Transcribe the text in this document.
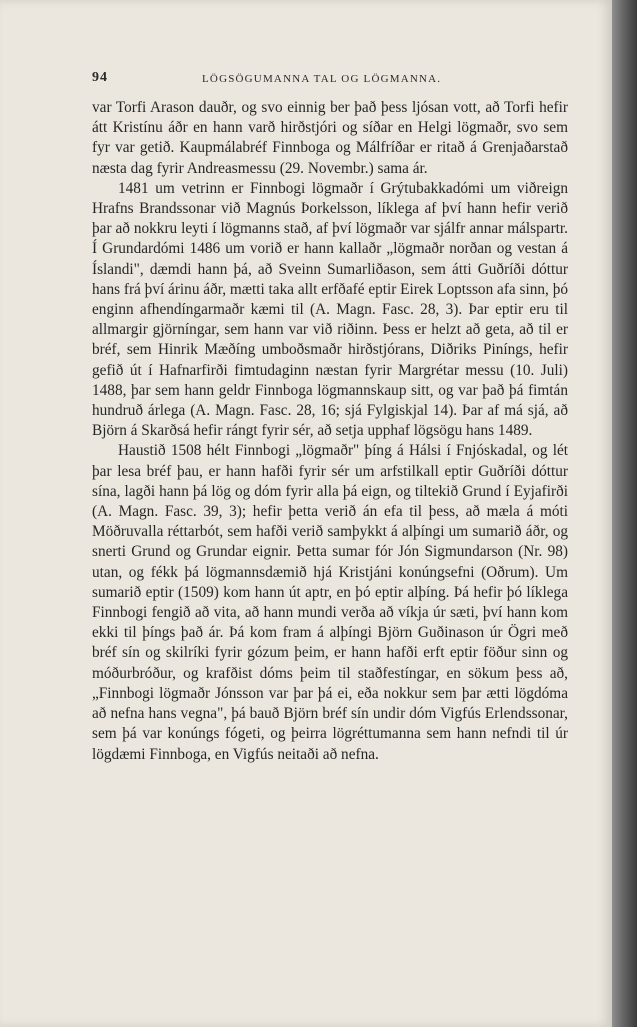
94	LÖGSÖGUMANNA TAL OG LÖGMANNA.

var Torfi Arason dauðr, og svo einnig ber það þess ljósan vott, að Torfi hefir átt Kristínu áðr en hann varð hirðstjóri og síðar en Helgi lögmaðr, svo sem fyr var getið. Kaupmálabréf Finnboga og Málfríðar er ritað á Grenjaðarstað næsta dag fyrir Andreasmessu (29. Novembr.) sama ár.

1481 um vetrinn er Finnbogi lögmaðr í Grýtubakkadómi um viðreign Hrafns Brandssonar við Magnús Þorkelsson, líklega af því hann hefir verið þar að nokkru leyti í lögmanns stað, af því lögmaðr var sjálfr annar málspartr. Í Grundardómi 1486 um vorið er hann kallaðr „lögmaðr norðan og vestan á Íslandi", dæmdi hann þá, að Sveinn Sumarliðason, sem átti Guðríði dóttur hans frá því árinu áðr, mætti taka allt erfðafé eptir Eirek Loptsson afa sinn, þó enginn afhendíngarmaðr kæmi til (A. Magn. Fasc. 28, 3). Þar eptir eru til allmargir gjörníngar, sem hann var við riðinn. Þess er helzt að geta, að til er bréf, sem Hinrik Mæðíng umboðsmaðr hirðstjórans, Diðriks Piníngs, hefir gefið út í Hafnarfirði fimtudaginn næstan fyrir Margrétar messu (10. Juli) 1488, þar sem hann geldr Finnboga lögmannskaup sitt, og var það þá fimtán hundruð árlega (A. Magn. Fasc. 28, 16; sjá Fylgiskjal 14). Þar af má sjá, að Björn á Skarðsá hefir rángt fyrir sér, að setja upphaf lögsögu hans 1489.

Haustið 1508 hélt Finnbogi „lögmaðr" þíng á Hálsi í Fnjóskadal, og lét þar lesa bréf þau, er hann hafði fyrir sér um arfstilkall eptir Guðríði dóttur sína, lagði hann þá lög og dóm fyrir alla þá eign, og tiltekið Grund í Eyjafirði (A. Magn. Fasc. 39, 3); hefir þetta verið án efa til þess, að mæla á móti Möðruvalla réttarbót, sem hafði verið samþykkt á alþíngi um sumarið áðr, og snerti Grund og Grundar eignir. Þetta sumar fór Jón Sigmundarson (Nr. 98) utan, og fékk þá lögmannsdæmið hjá Kristjáni konúngsefni (Oðrum). Um sumarið eptir (1509) kom hann út aptr, en þó eptir alþíng. Þá hefir þó líklega Finnbogi fengið að vita, að hann mundi verða að víkja úr sæti, því hann kom ekki til þíngs það ár. Þá kom fram á alþíngi Björn Guðinason úr Ögri með bréf sín og skilríki fyrir gózum þeim, er hann hafði erft eptir föður sinn og móðurbróður, og krafðist dóms þeim til staðfestíngar, en sökum þess að, „Finnbogi lögmaðr Jónsson var þar þá ei, eða nokkur sem þar ætti lögdóma að nefna hans vegna", þá bauð Björn bréf sín undir dóm Vigfús Erlendssonar, sem þá var konúngs fógeti, og þeirra lögréttumanna sem hann nefndi til úr lögdæmi Finnboga, en Vigfús neitaði að nefna.
